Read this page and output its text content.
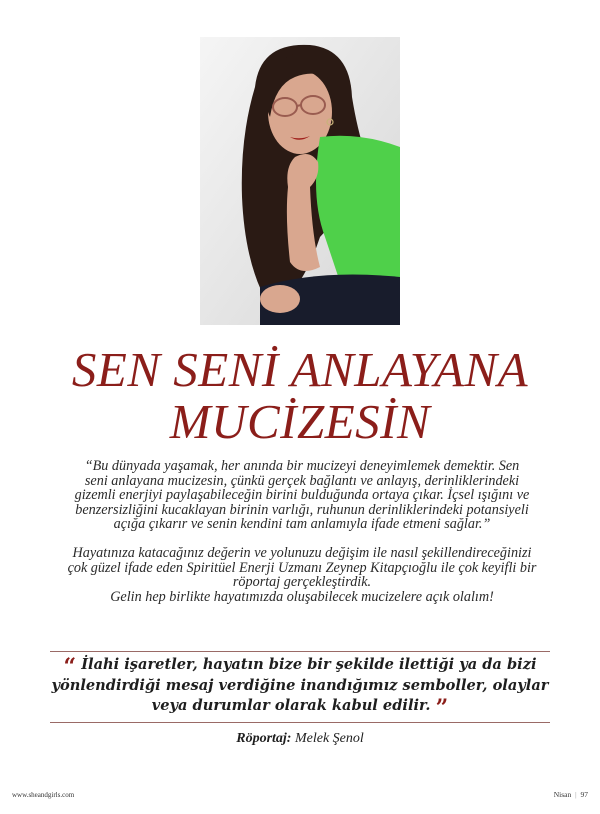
SEN SENİ ANLAYANA
MUCİZESİN

“Bu dünyada yaşamak, her anında bir mucizeyi deneyimlemek demektir. Sen
seni anlayana mucizesin, çünkü gerçek bağlantı ve anlayış, derinliklerindeki
gizemli enerjiyi paylaşabileceğin birini bulduğunda ortaya çıkar. İçsel ışığını ve
benzersizliğini kucaklayan birinin varlığı, ruhunun derinliklerindeki potansiyeli
açığa çıkarır ve senin kendini tam anlamıyla ifade etmeni sağlar.”

Hayatınıza katacağınız değerin ve yolunuzu değişim ile nasıl şekillendireceğinizi
çok güzel ifade eden Spiritüel Enerji Uzmanı Zeynep Kitapçıoğlu ile çok keyifli bir
röportaj gerçekleştirdik.
Gelin hep birlikte hayatımızda oluşabilecek mucizelere açık olalım!

“ İlahi işaretler, hayatın bize bir şekilde ilettiği ya da bizi
yönlendirdiği mesaj verdiğine inandığımız semboller, olaylar
veya durumlar olarak kabul edilir. ”
Röportaj: Melek Şenol
www.sheandgirls.com	Nisan | 97
